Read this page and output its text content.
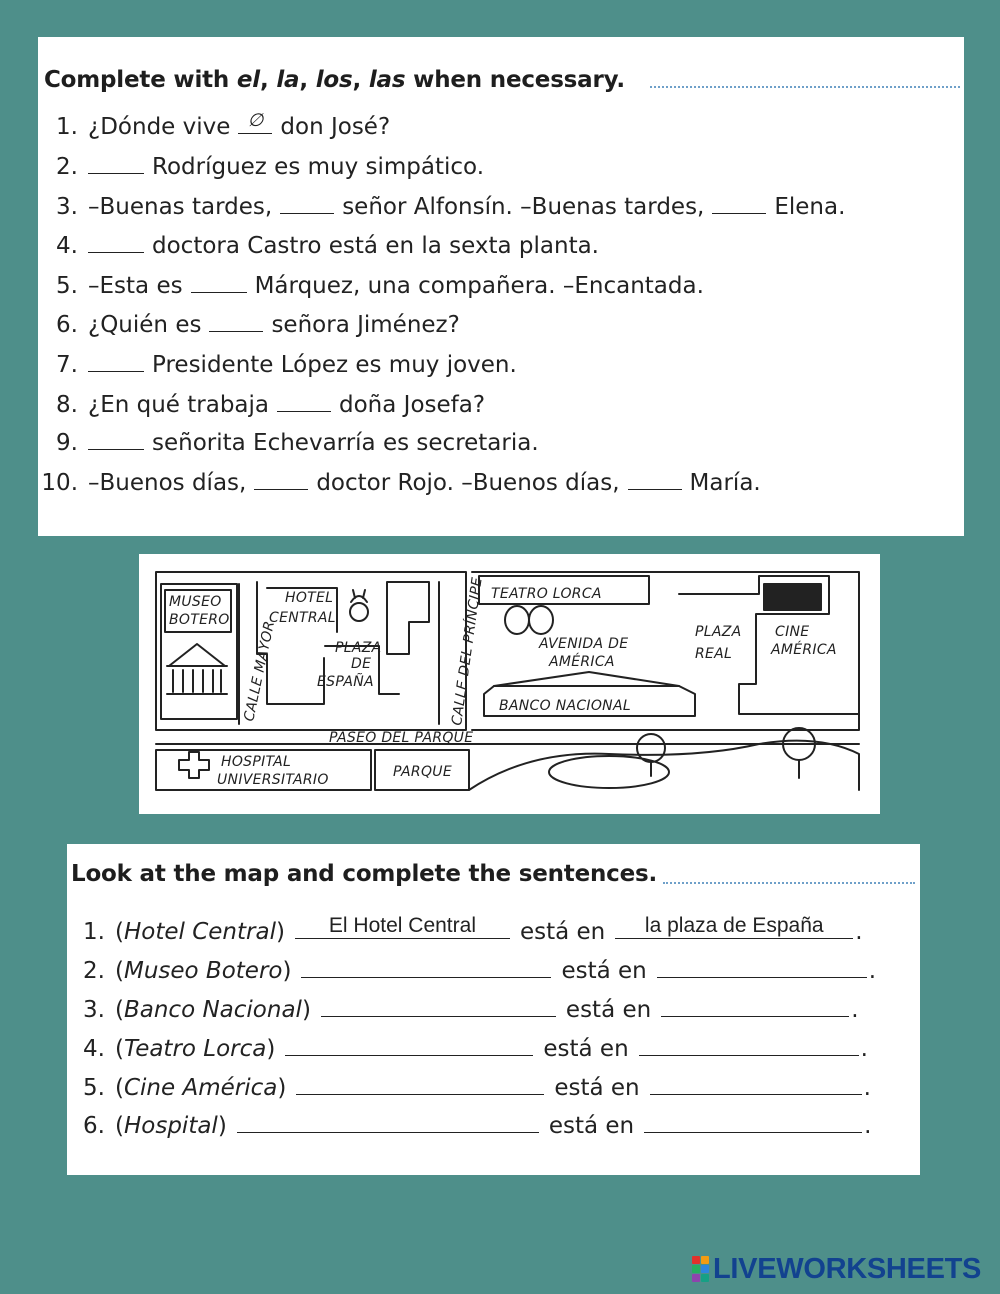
Complete with el, la, los, las when necessary.
1. ¿Dónde vive ∅ don José?
2.	Rodríguez es muy simpático.
3. –Buenas tardes,	señor Alfonsín. –Buenas tardes,	Elena.
4.	doctora Castro está en la sexta planta.
5. –Esta es	Márquez, una compañera. –Encantada.
6. ¿Quién es	señora Jiménez?
7.	Presidente López es muy joven.
8. ¿En qué trabaja	doña Josefa?
9.	señorita Echevarría es secretaria.
10. –Buenos días,	doctor Rojo. –Buenos días,	María.
MUSEO
BOTERO
HOTEL
CENTRAL
PLAZA
DE
ESPAÑA
CALLE MAYOR	CALLE DEL PRÍNCIPE TEATRO LORCA
AVENIDA DE
AMÉRICA
PLAZA
REAL
CINE
AMÉRICA
BANCO NACIONAL
PASEO DEL PARQUE
HOSPITAL
UNIVERSITARIO	PARQUE
Look at the map and complete the sentences.
1. (Hotel Central)	El Hotel Central	está en	la plaza de España	.
2. (Museo Botero)	está en	.
3. (Banco Nacional)	está en	.
4. (Teatro Lorca)	está en	.
5. (Cine América)	está en	.
6. (Hospital)	está en	.
LIVEWORKSHEETS
